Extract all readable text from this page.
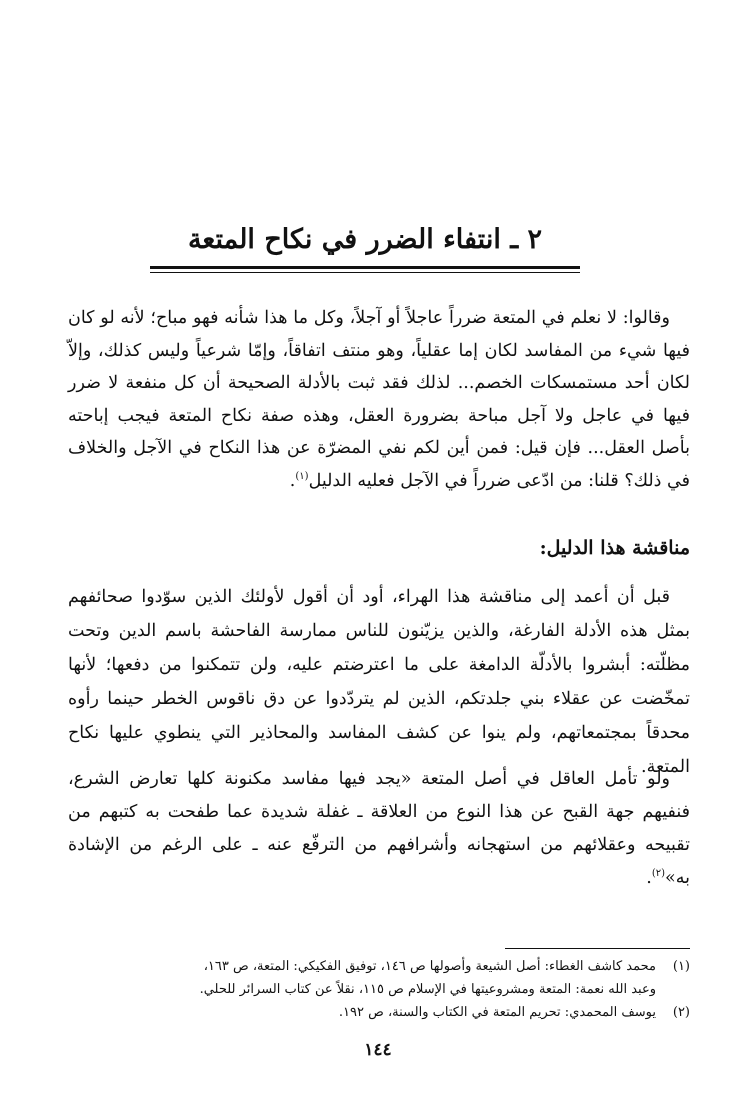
٢ ـ انتفاء الضرر في نكاح المتعة

وقالوا: لا نعلم في المتعة ضرراً عاجلاً أو آجلاً، وكل ما هذا شأنه فهو مباح؛ لأنه لو كان فيها شيء من المفاسد لكان إما عقلياً، وهو منتف اتفاقاً، وإمّا شرعياً وليس كذلك، وإلاّ لكان أحد مستمسكات الخصم... لذلك فقد ثبت بالأدلة الصحيحة أن كل منفعة لا ضرر فيها في عاجل ولا آجل مباحة بضرورة العقل، وهذه صفة نكاح المتعة فيجب إباحته بأصل العقل... فإن قيل: فمن أين لكم نفي المضرّة عن هذا النكاح في الآجل والخلاف في ذلك؟ قلنا: من ادّعى ضرراً في الآجل فعليه الدليل$^{(١)}$.

مناقشة هذا الدليل:

قبل أن أعمد إلى مناقشة هذا الهراء، أود أن أقول لأولئك الذين سوّدوا صحائفهم بمثل هذه الأدلة الفارغة، والذين يزيّنون للناس ممارسة الفاحشة باسم الدين وتحت مظلّته: أبشروا بالأدلّة الدامغة على ما اعترضتم عليه، ولن تتمكنوا من دفعها؛ لأنها تمخّضت عن عقلاء بني جلدتكم، الذين لم يتردّدوا عن دق ناقوس الخطر حينما رأوه محدقاً بمجتمعاتهم، ولم ينوا عن كشف المفاسد والمحاذير التي ينطوي عليها نكاح المتعة.

ولو تأمل العاقل في أصل المتعة «يجد فيها مفاسد مكنونة كلها تعارض الشرع، فنفيهم جهة القبح عن هذا النوع من العلاقة ـ غفلة شديدة عما طفحت به كتبهم من تقبيحه وعقلائهم من استهجانه وأشرافهم من الترفّع عنه ـ على الرغم من الإشادة به»$^{(٢)}$.

(١)
محمد كاشف الغطاء: أصل الشيعة وأصولها ص ١٤٦، توفيق الفكيكي: المتعة، ص ١٦٣،
وعبد الله نعمة: المتعة ومشروعيتها في الإسلام ص ١١٥، نقلاً عن كتاب السرائر للحلي.
(٢)
يوسف المحمدي: تحريم المتعة في الكتاب والسنة، ص ١٩٢.
١٤٤
